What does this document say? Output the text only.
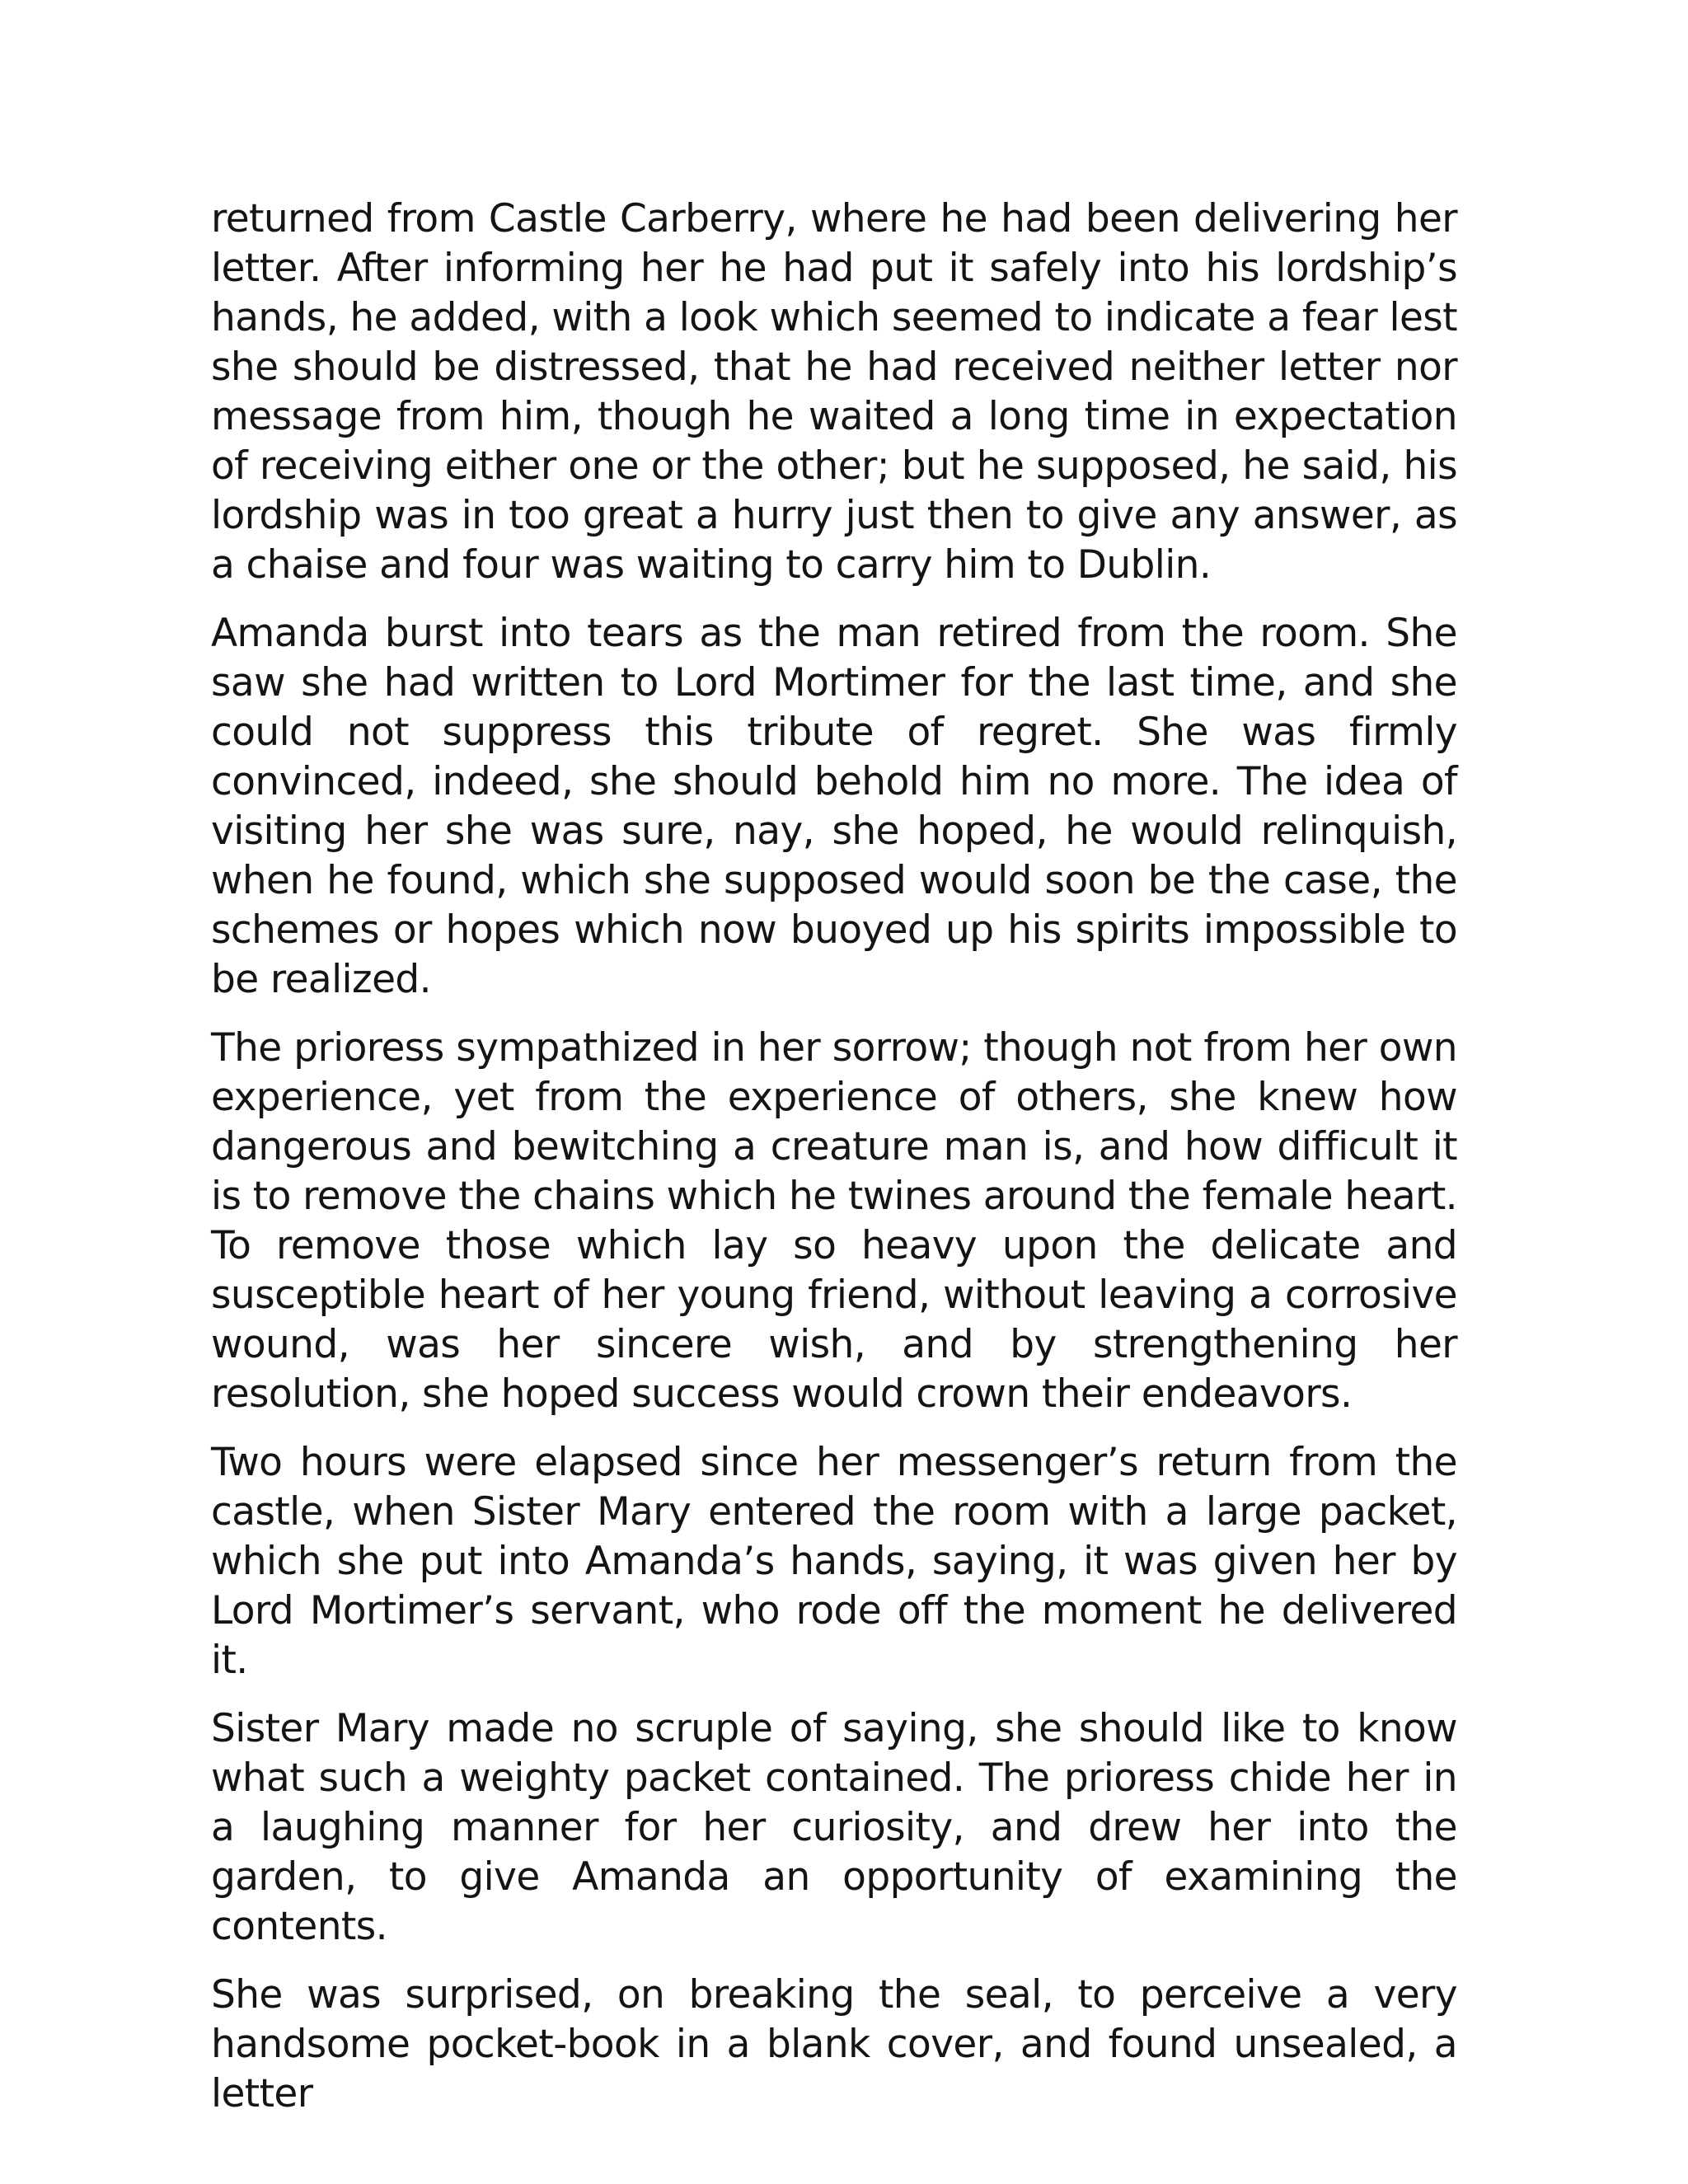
returned from Castle Carberry, where he had been delivering her letter. After informing her he had put it safely into his lordship’s hands, he added, with a look which seemed to indicate a fear lest she should be distressed, that he had received neither letter nor message from him, though he waited a long time in expectation of receiving either one or the other; but he supposed, he said, his lordship was in too great a hurry just then to give any answer, as a chaise and four was waiting to carry him to Dublin.

Amanda burst into tears as the man retired from the room. She saw she had written to Lord Mortimer for the last time, and she could not suppress this tribute of regret. She was firmly convinced, indeed, she should behold him no more. The idea of visiting her she was sure, nay, she hoped, he would relinquish, when he found, which she supposed would soon be the case, the schemes or hopes which now buoyed up his spirits impossible to be realized.

The prioress sympathized in her sorrow; though not from her own experience, yet from the experience of others, she knew how dangerous and bewitching a creature man is, and how difficult it is to remove the chains which he twines around the female heart. To remove those which lay so heavy upon the delicate and susceptible heart of her young friend, without leaving a corrosive wound, was her sincere wish, and by strengthening her resolution, she hoped success would crown their endeavors.

Two hours were elapsed since her messenger’s return from the castle, when Sister Mary entered the room with a large packet, which she put into Amanda’s hands, saying, it was given her by Lord Mortimer’s servant, who rode off the moment he delivered it.

Sister Mary made no scruple of saying, she should like to know what such a weighty packet contained. The prioress chide her in a laughing manner for her curiosity, and drew her into the garden, to give Amanda an opportunity of examining the contents.

She was surprised, on breaking the seal, to perceive a very handsome pocket-book in a blank cover, and found unsealed, a letter
